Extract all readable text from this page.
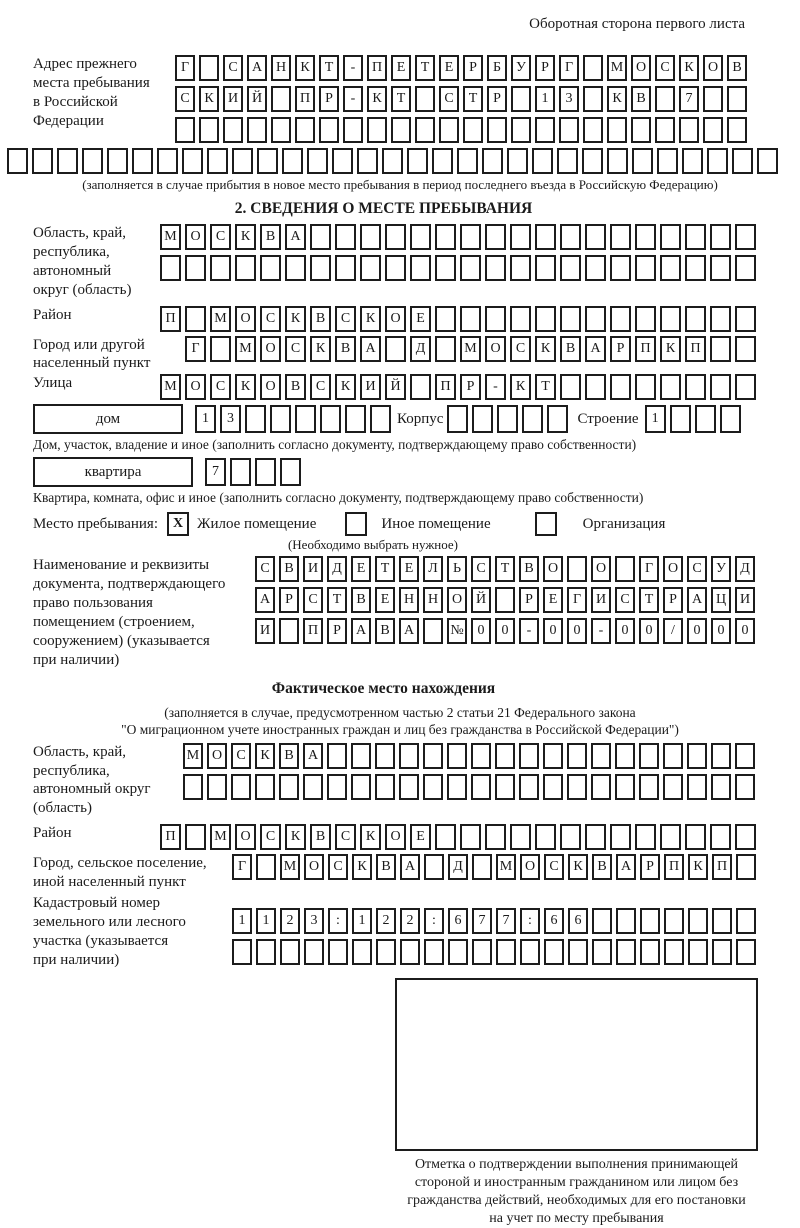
Оборотная сторона первого листа
Адрес прежнего
места пребывания
в Российской
Федерации
Г	С	А Н	К	Т	-	П	Е	Т	Е	Р	Б	У	Р	Г	М О	С	К	О	В
С	К	И Й	П	Р	-	К	Т	С	Т	Р	1	3	К	В	7
(заполняется в случае прибытия в новое место пребывания в период последнего въезда в Российскую Федерацию)
2. СВЕДЕНИЯ О МЕСТЕ ПРЕБЫВАНИЯ
Область, край,
республика,
автономный
округ (область)
М О	С	К	В	А
Район	П	М О	С	К	В	С	К	О	Е
Город или другой
населенный пункт
Г	М О	С	К	В	А	Д	М О	С	К	В	А	Р	П	К	П
Улица	М О	С	К	О	В	С	К	И	Й	П	Р	-	К	Т
дом	1	3	Корпус	Строение 1
Дом, участок, владение и иное (заполнить согласно документу, подтверждающему право собственности)
квартира	7
Квартира, комната, офис и иное (заполнить согласно документу, подтверждающему право собственности)
Место пребывания:	X Жилое помещение	Иное помещение	Организация
(Необходимо выбрать нужное)
Наименование и реквизиты
документа, подтверждающего
право пользования
помещением (строением,
сооружением) (указывается
при наличии)
С	В	И	Д	Е	Т	Е	Л	Ь	С	Т	В	О	О	Г	О	С	У	Д
А	Р	С	Т	В	Е	Н Н О Й	Р	Е	Г	И	С	Т	Р	А Ц И
И	П	Р	А	В	А	№ 0	0	-	0	0	-	0	0	/	0	0	0
Фактическое место нахождения
(заполняется в случае, предусмотренном частью 2 статьи 21 Федерального закона
"О миграционном учете иностранных граждан и лиц без гражданства в Российской Федерации")
Область, край,
республика,
автономный округ
(область)
М О	С	К	В	А
Район	П	М О	С	К	В	С	К	О	Е
Город, сельское поселение,
иной населенный пункт
Г	М О	С	К	В	А	Д	М О	С	К	В	А	Р	П	К	П
Кадастровый номер
земельного или лесного
участка (указывается
при наличии)
1	1	2	3	:	1	2	2	:	6	7	7	:	6	6
Отметка о подтверждении выполнения принимающей
стороной и иностранным гражданином или лицом без
гражданства действий, необходимых для его постановки
на учет по месту пребывания
